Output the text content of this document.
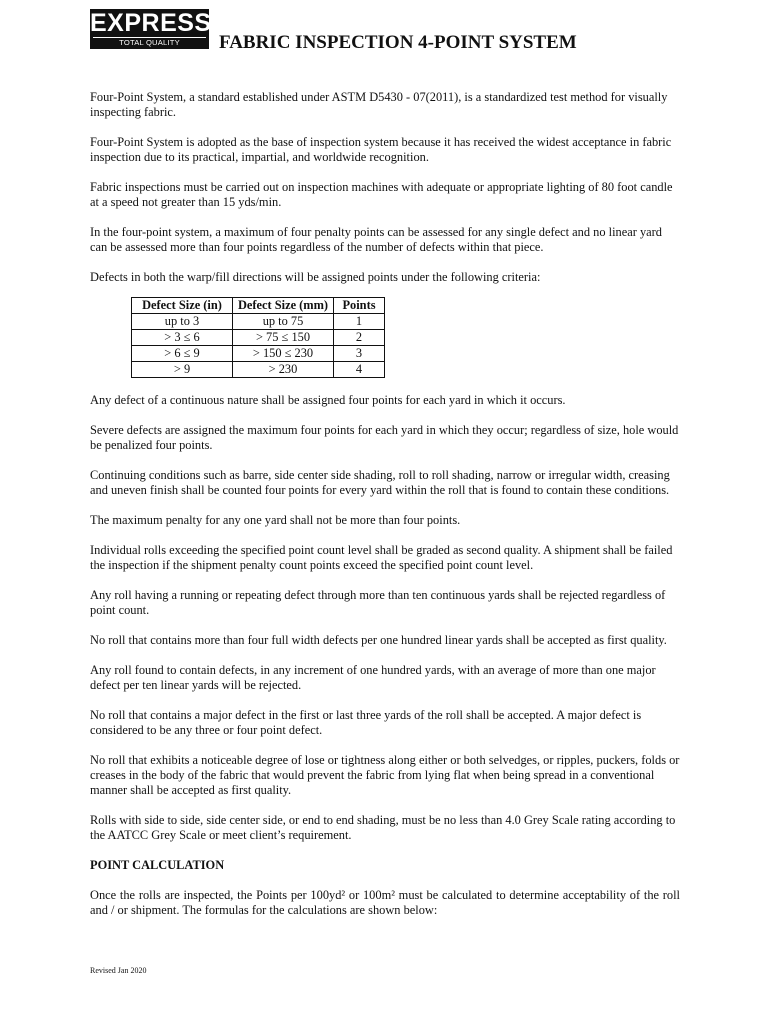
EXPRESS
TOTAL QUALITY MANAGEMENT	FABRIC INSPECTION 4-POINT SYSTEM

Four-Point System, a standard established under ASTM D5430 - 07(2011), is a standardized test method for visually inspecting fabric.

Four-Point System is adopted as the base of inspection system because it has received the widest acceptance in fabric inspection due to its practical, impartial, and worldwide recognition.

Fabric inspections must be carried out on inspection machines with adequate or appropriate lighting of 80 foot candle at a speed not greater than 15 yds/min.

In the four-point system, a maximum of four penalty points can be assessed for any single defect and no linear yard can be assessed more than four points regardless of the number of defects within that piece.

Defects in both the warp/fill directions will be assigned points under the following criteria:

Defect Size (in)	Defect Size (mm)	Points
up to 3	up to 75	1
> 3 ≤ 6	> 75 ≤ 150	2
> 6 ≤ 9	> 150 ≤ 230	3
> 9	> 230	4

Any defect of a continuous nature shall be assigned four points for each yard in which it occurs.

Severe defects are assigned the maximum four points for each yard in which they occur; regardless of size, hole would be penalized four points.

Continuing conditions such as barre, side center side shading, roll to roll shading, narrow or irregular width, creasing and uneven finish shall be counted four points for every yard within the roll that is found to contain these conditions.

The maximum penalty for any one yard shall not be more than four points.

Individual rolls exceeding the specified point count level shall be graded as second quality. A shipment shall be failed the inspection if the shipment penalty count points exceed the specified point count level.

Any roll having a running or repeating defect through more than ten continuous yards shall be rejected regardless of point count.

No roll that contains more than four full width defects per one hundred linear yards shall be accepted as first quality.

Any roll found to contain defects, in any increment of one hundred yards, with an average of more than one major defect per ten linear yards will be rejected.

No roll that contains a major defect in the first or last three yards of the roll shall be accepted. A major defect is considered to be any three or four point defect.

No roll that exhibits a noticeable degree of lose or tightness along either or both selvedges, or ripples, puckers, folds or creases in the body of the fabric that would prevent the fabric from lying flat when being spread in a conventional manner shall be accepted as first quality.

Rolls with side to side, side center side, or end to end shading, must be no less than 4.0 Grey Scale rating according to the AATCC Grey Scale or meet client’s requirement.

POINT CALCULATION

Once the rolls are inspected, the Points per 100yd² or 100m² must be calculated to determine acceptability of the roll and / or shipment. The formulas for the calculations are shown below:

Revised Jan 2020
